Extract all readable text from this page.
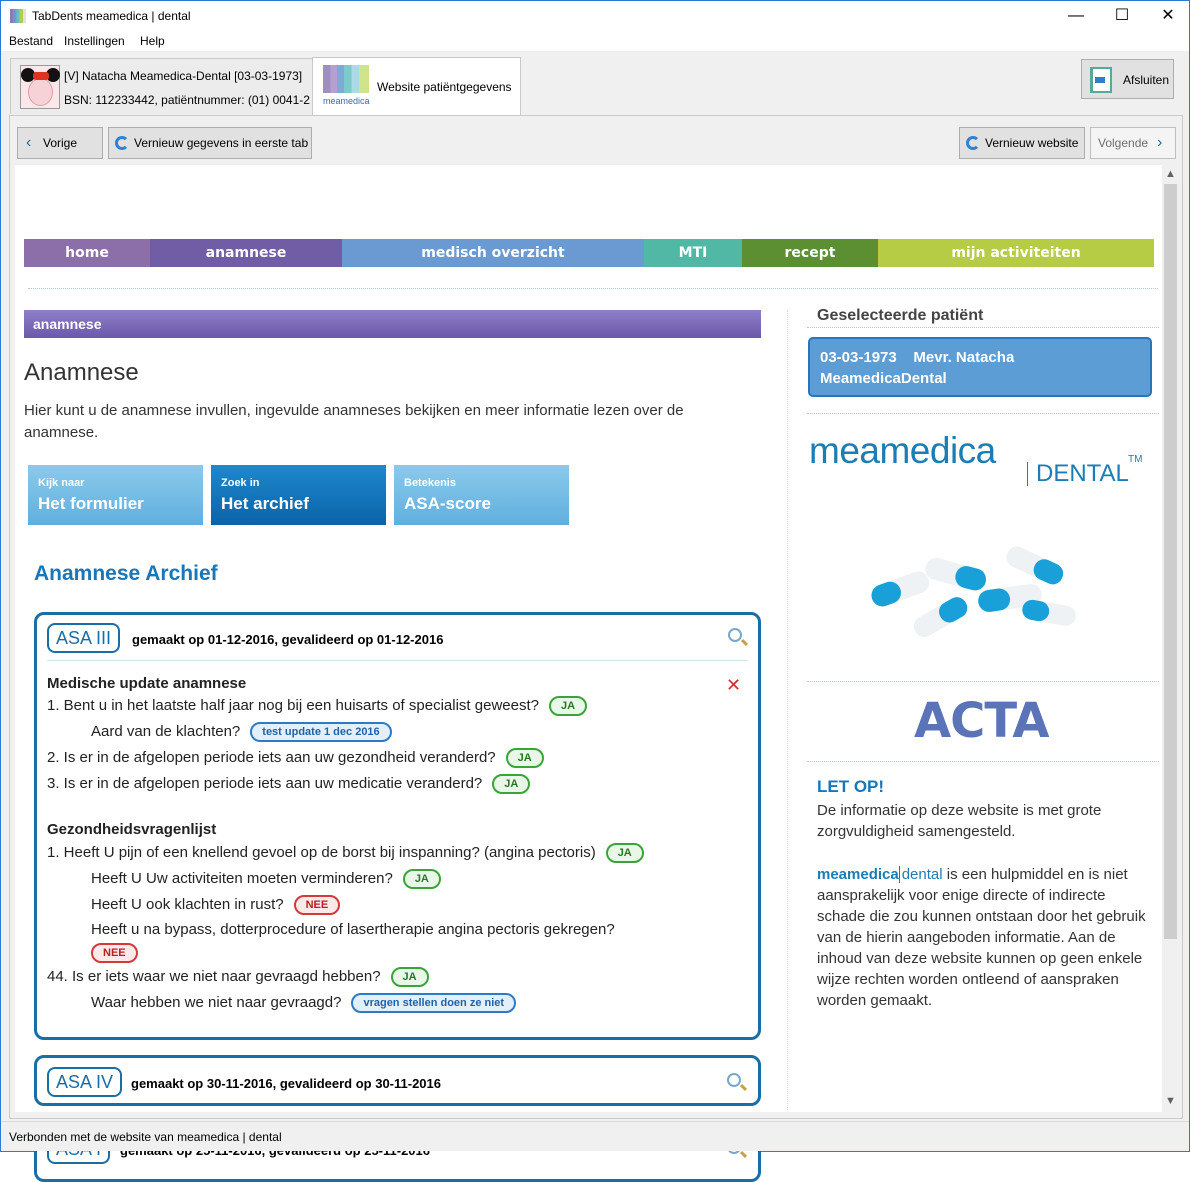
TabDents meamedica | dental	—	☐	✕
Bestand Instellingen Help
[V] Natacha Meamedica-Dental [03-03-1973]
BSN: 112233442, patiëntnummer: (01) 0041-2 meamedica
Website patiëntgegevens	Afsluiten
‹ Vorige	Vernieuw gegevens in eerste tab	Vernieuw website Volgende ›
home	anamnese	medisch overzicht	MTI	recept	mijn activiteiten
anamnese
Anamnese
Hier kunt u de anamnese invullen, ingevulde anamneses bekijken en meer informatie lezen over de anamnese.
Kijk naar
Het formulier
Zoek in
Het archief
Betekenis
ASA-score
Anamnese Archief
ASA III	gemaakt op 01-12-2016, gevalideerd op 01-12-2016
✕
Medische update anamnese
1. Bent u in het laatste half jaar nog bij een huisarts of specialist geweest? JA
Aard van de klachten? test update 1 dec 2016
2. Is er in de afgelopen periode iets aan uw gezondheid veranderd? JA
3. Is er in de afgelopen periode iets aan uw medicatie veranderd? JA
Gezondheidsvragenlijst
1. Heeft U pijn of een knellend gevoel op de borst bij inspanning? (angina pectoris) JA
Heeft U Uw activiteiten moeten verminderen? JA
Heeft U ook klachten in rust? NEE
Heeft u na bypass, dotterprocedure of lasertherapie angina pectoris gekregen?
NEE
44. Is er iets waar we niet naar gevraagd hebben? JA
Waar hebben we niet naar gevraagd? vragen stellen doen ze niet
ASA IV	gemaakt op 30-11-2016, gevalideerd op 30-11-2016
Geselecteerde patiënt
03-03-1973    Mevr. Natacha
MeamedicaDental
meamedica
DENTAL
TM
ACTA
LET OP!
De informatie op deze website is met grote zorgvuldigheid samengesteld.
meamedica dental is een hulpmiddel en is niet aansprakelijk voor enige directe of indirecte schade die zou kunnen ontstaan door het gebruik van de hierin aangeboden informatie. Aan de inhoud van deze website kunnen op geen enkele wijze rechten worden ontleend of aanspraken worden gemaakt.
▲
▼
Verbonden met de website van meamedica | dental
